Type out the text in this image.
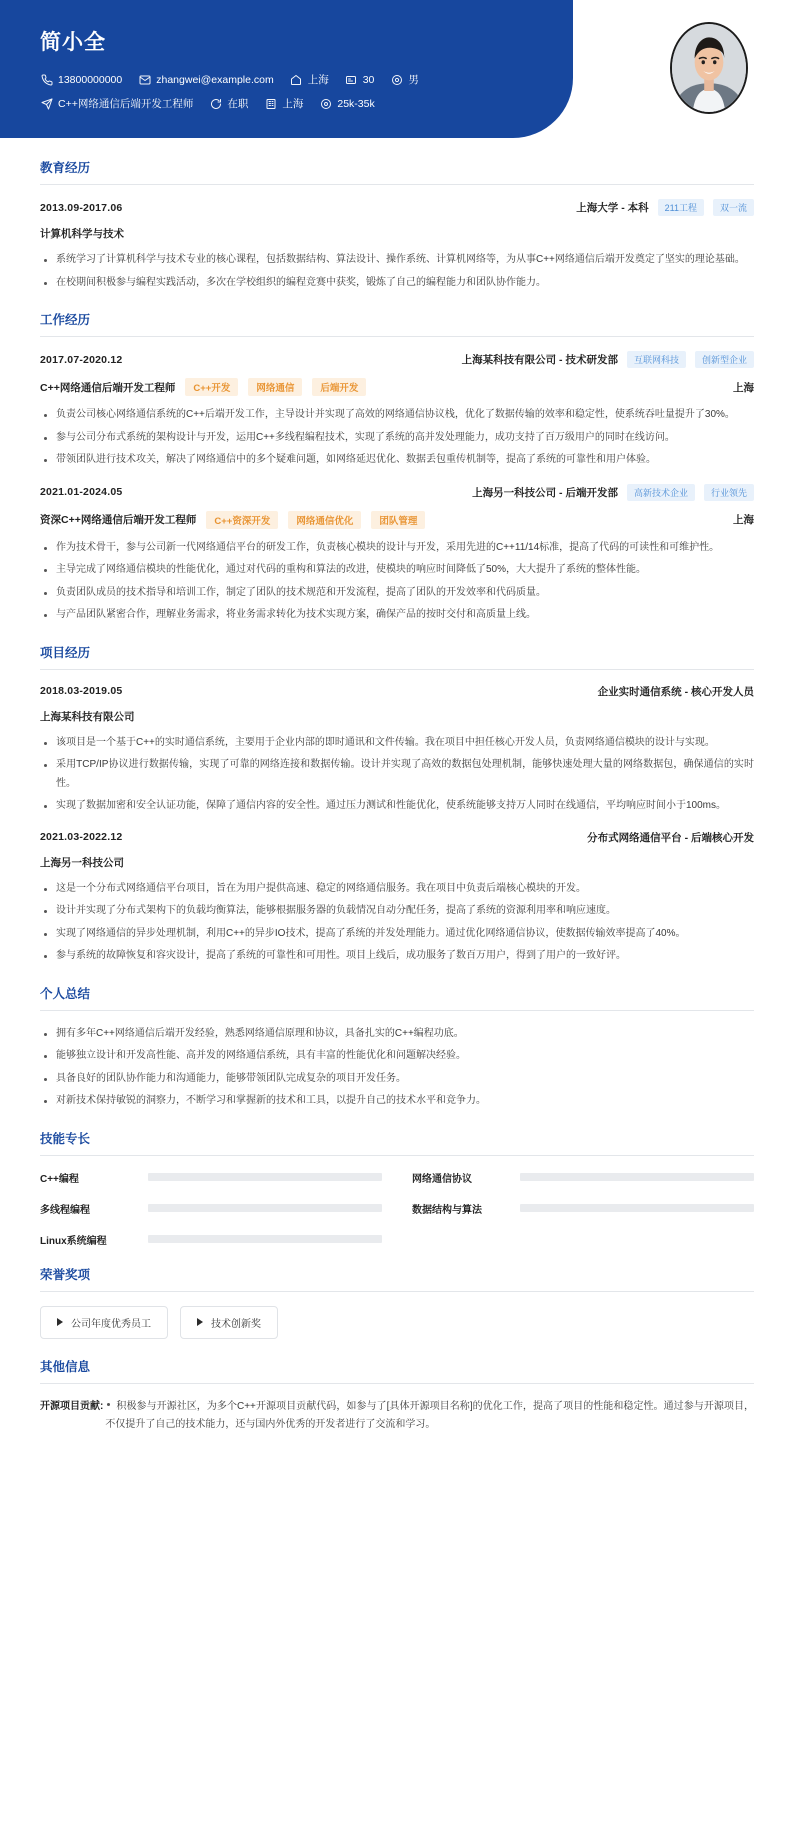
简小全
13800000000	zhangwei@example.com	上海	30	男
C++网络通信后端开发工程师	在职	上海	25k-35k
教育经历
2013.09-2017.06	上海大学 - 本科	211工程	双一流
计算机科学与技术
系统学习了计算机科学与技术专业的核心课程，包括数据结构、算法设计、操作系统、计算机网络等，为从事C++网络通信后端开发奠定了坚实的理论基础。
在校期间积极参与编程实践活动，多次在学校组织的编程竞赛中获奖，锻炼了自己的编程能力和团队协作能力。
工作经历
2017.07-2020.12	上海某科技有限公司 - 技术研发部	互联网科技	创新型企业
C++网络通信后端开发工程师	C++开发	网络通信	后端开发	上海
负责公司核心网络通信系统的C++后端开发工作，主导设计并实现了高效的网络通信协议栈，优化了数据传输的效率和稳定性，使系统吞吐量提升了30%。
参与公司分布式系统的架构设计与开发，运用C++多线程编程技术，实现了系统的高并发处理能力，成功支持了百万级用户的同时在线访问。
带领团队进行技术攻关，解决了网络通信中的多个疑难问题，如网络延迟优化、数据丢包重传机制等，提高了系统的可靠性和用户体验。
2021.01-2024.05	上海另一科技公司 - 后端开发部	高新技术企业	行业领先
资深C++网络通信后端开发工程师	C++资深开发	网络通信优化	团队管理	上海
作为技术骨干，参与公司新一代网络通信平台的研发工作，负责核心模块的设计与开发，采用先进的C++11/14标准，提高了代码的可读性和可维护性。
主导完成了网络通信模块的性能优化，通过对代码的重构和算法的改进，使模块的响应时间降低了50%，大大提升了系统的整体性能。
负责团队成员的技术指导和培训工作，制定了团队的技术规范和开发流程，提高了团队的开发效率和代码质量。
与产品团队紧密合作，理解业务需求，将业务需求转化为技术实现方案，确保产品的按时交付和高质量上线。
项目经历
2018.03-2019.05	企业实时通信系统 - 核心开发人员
上海某科技有限公司
该项目是一个基于C++的实时通信系统，主要用于企业内部的即时通讯和文件传输。我在项目中担任核心开发人员，负责网络通信模块的设计与实现。
采用TCP/IP协议进行数据传输，实现了可靠的网络连接和数据传输。设计并实现了高效的数据包处理机制，能够快速处理大量的网络数据包，确保通信的实时性。
实现了数据加密和安全认证功能，保障了通信内容的安全性。通过压力测试和性能优化，使系统能够支持万人同时在线通信，平均响应时间小于100ms。
2021.03-2022.12	分布式网络通信平台 - 后端核心开发
上海另一科技公司
这是一个分布式网络通信平台项目，旨在为用户提供高速、稳定的网络通信服务。我在项目中负责后端核心模块的开发。
设计并实现了分布式架构下的负载均衡算法，能够根据服务器的负载情况自动分配任务，提高了系统的资源利用率和响应速度。
实现了网络通信的异步处理机制，利用C++的异步IO技术，提高了系统的并发处理能力。通过优化网络通信协议，使数据传输效率提高了40%。
参与系统的故障恢复和容灾设计，提高了系统的可靠性和可用性。项目上线后，成功服务了数百万用户，得到了用户的一致好评。
个人总结
拥有多年C++网络通信后端开发经验，熟悉网络通信原理和协议，具备扎实的C++编程功底。
能够独立设计和开发高性能、高并发的网络通信系统，具有丰富的性能优化和问题解决经验。
具备良好的团队协作能力和沟通能力，能够带领团队完成复杂的项目开发任务。
对新技术保持敏锐的洞察力，不断学习和掌握新的技术和工具，以提升自己的技术水平和竞争力。
技能专长
C++编程	网络通信协议
多线程编程	数据结构与算法
Linux系统编程
荣誉奖项
公司年度优秀员工	技术创新奖
其他信息
开源项目贡献:	积极参与开源社区，为多个C++开源项目贡献代码，如参与了[具体开源项目名称]的优化工作，提高了项目的性能和稳定性。通过参与开源项目，不仅提升了自己的技术能力，还与国内外优秀的开发者进行了交流和学习。
